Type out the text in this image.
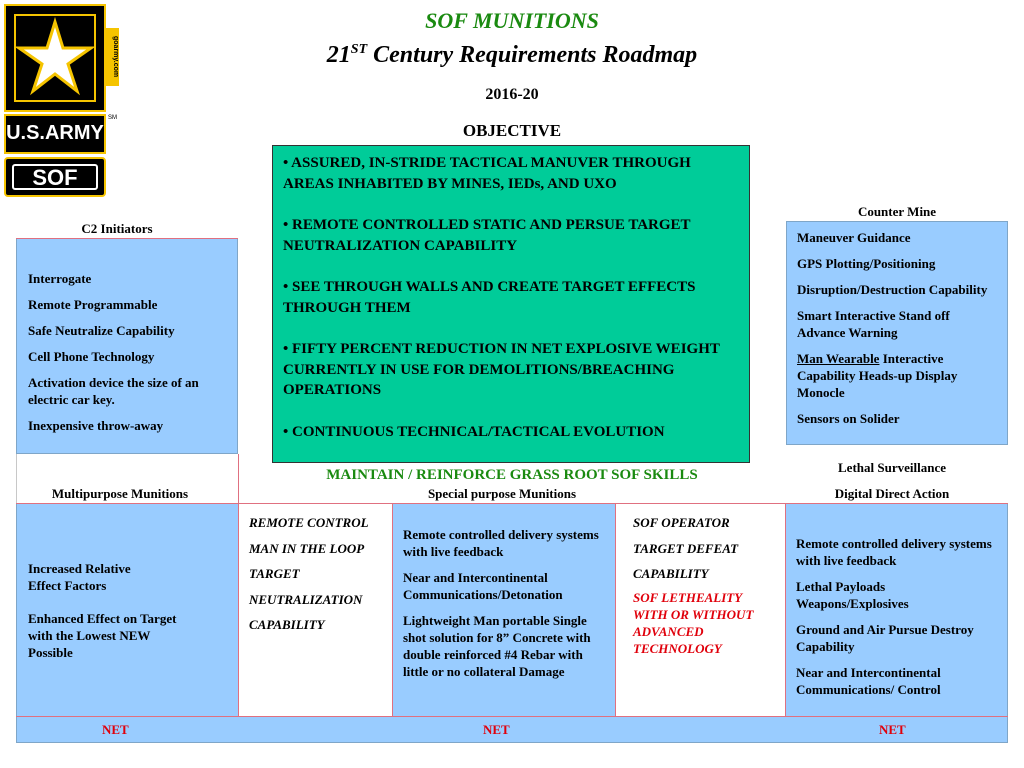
goarmy.com
U.S.ARMY
SM
SOF
SOF MUNITIONS
21ST Century Requirements Roadmap
2016-20
OBJECTIVE

• ASSURED, IN-STRIDE TACTICAL MANUVER THROUGH AREAS INHABITED BY MINES, IEDs, AND UXO

• REMOTE CONTROLLED STATIC AND PERSUE TARGET NEUTRALIZATION CAPABILITY

• SEE THROUGH WALLS AND CREATE TARGET EFFECTS THROUGH THEM

• FIFTY PERCENT REDUCTION IN NET EXPLOSIVE WEIGHT CURRENTLY IN USE FOR DEMOLITIONS/BREACHING OPERATIONS

• CONTINUOUS TECHNICAL/TACTICAL EVOLUTION

MAINTAIN / REINFORCE GRASS ROOT SOF SKILLS
C2 Initiators

Interrogate

Remote Programmable

Safe Neutralize Capability

Cell Phone Technology

Activation device the size of an electric car key.

Inexpensive throw-away

Counter Mine

Maneuver Guidance

GPS Plotting/Positioning

Disruption/Destruction Capability

Smart Interactive Stand off Advance Warning

Man Wearable Interactive Capability Heads-up Display Monocle

Sensors on Solider

Lethal Surveillance
Digital Direct Action
Multipurpose Munitions	Special purpose Munitions
Increased Relative Effect Factors
Enhanced Effect on Target with the Lowest NEW Possible
REMOTE CONTROL
MAN IN THE LOOP
TARGET
NEUTRALIZATION
CAPABILITY

Remote controlled delivery systems with live feedback

Near and Intercontinental Communications/Detonation

Lightweight Man portable Single shot solution for 8” Concrete with double reinforced #4 Rebar with little or no collateral Damage

SOF OPERATOR
TARGET DEFEAT
CAPABILITY
SOF LETHEALITY WITH OR WITHOUT ADVANCED TECHNOLOGY

Remote controlled delivery systems with live feedback

Lethal Payloads Weapons/Explosives

Ground and Air Pursue Destroy Capability

Near and Intercontinental Communications/ Control

NET	NET	NET
